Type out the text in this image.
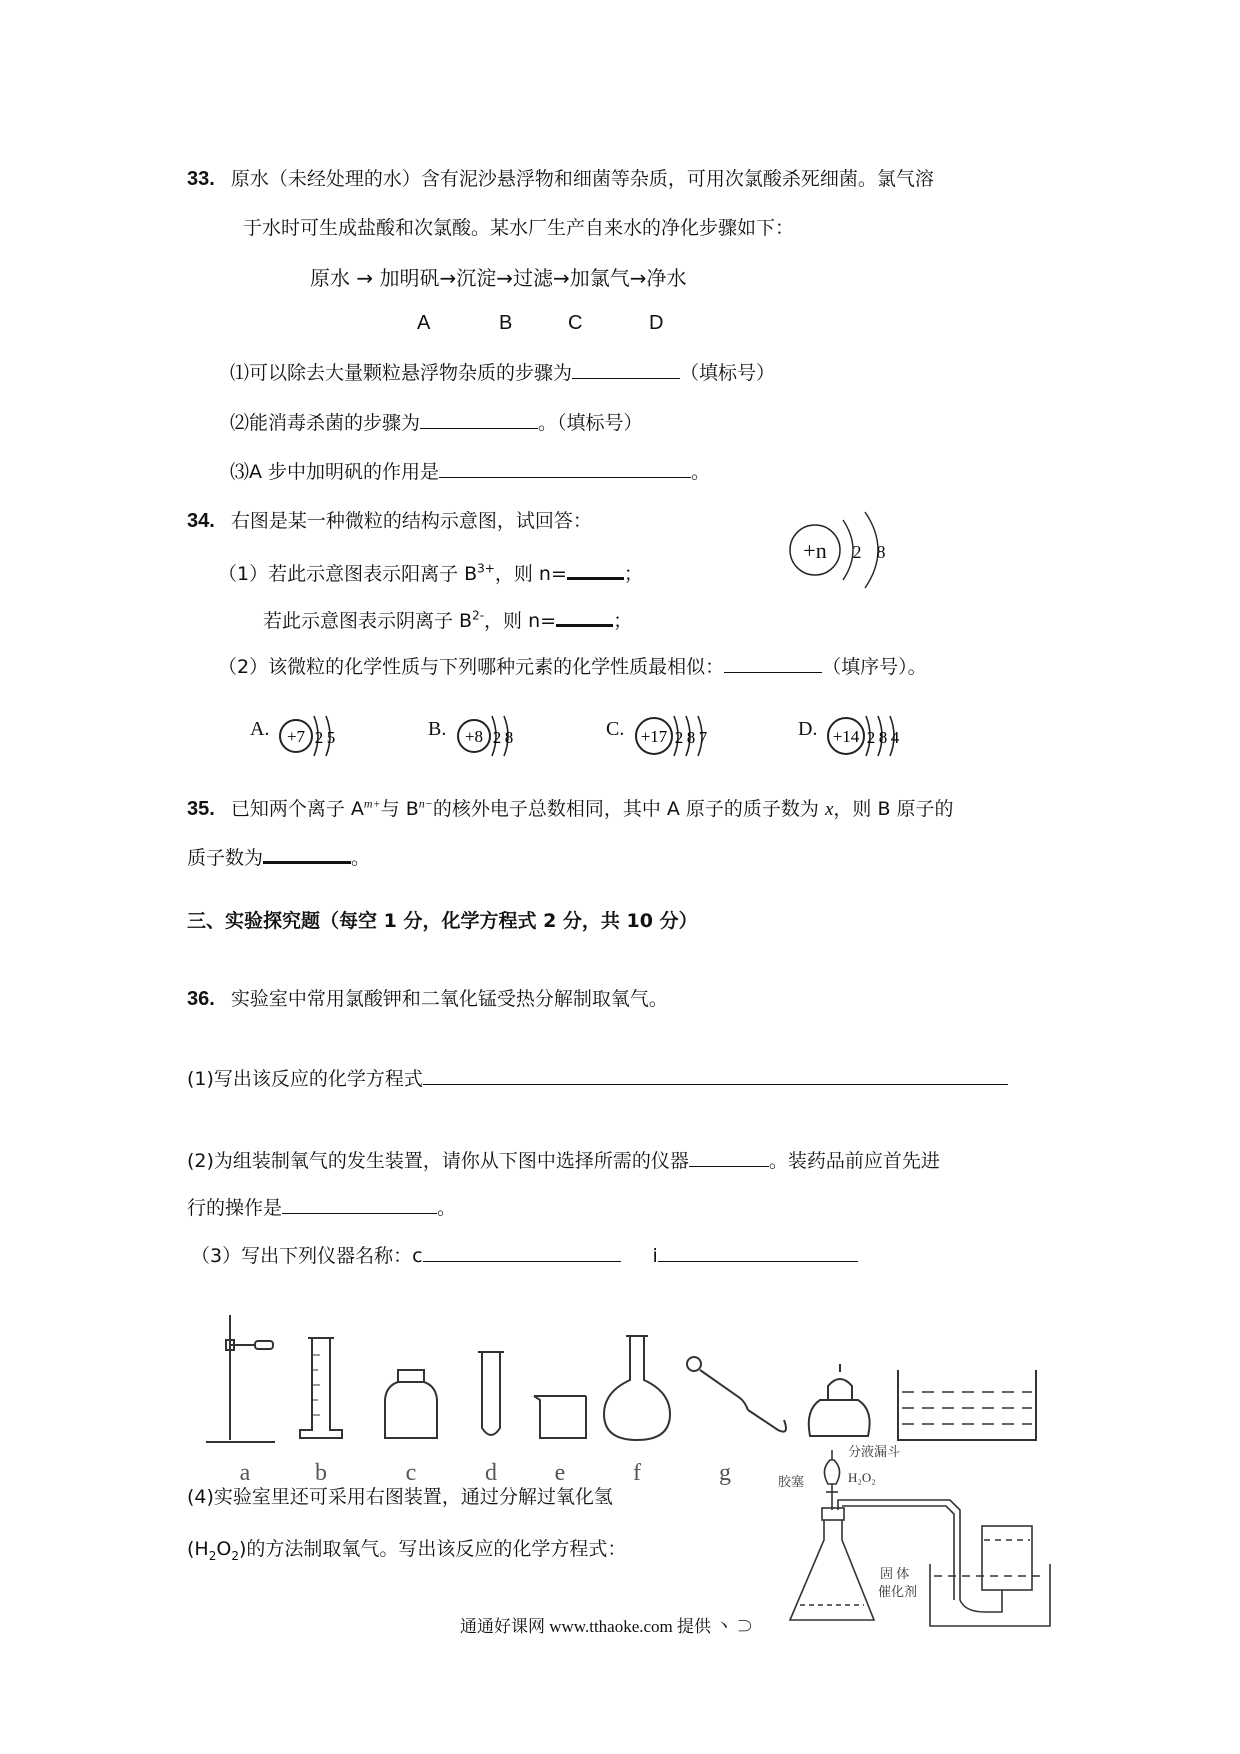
33. 原水（未经处理的水）含有泥沙悬浮物和细菌等杂质，可用次氯酸杀死细菌。氯气溶
于水时可生成盐酸和次氯酸。某水厂生产自来水的净化步骤如下：
原水 → 加明矾→沉淀→过滤→加氯气→净水
A	B	C	D
⑴可以除去大量颗粒悬浮物杂质的步骤为	（填标号）
⑵能消毒杀菌的步骤为	。（填标号）
⑶A 步中加明矾的作用是	。
34. 右图是某一种微粒的结构示意图，试回答：
（1）若此示意图表示阳离子 $B^{3+}$，则 n=	；
若此示意图表示阴离子 $B^{2-}$，则 n=	；
（2）该微粒的化学性质与下列哪种元素的化学性质最相似：	（填序号）。
+n 2 8
A. +7 2 5	B. +8 2 8	C. +17 2 8 7	D. +14 2 8 4
35. 已知两个离子 $A^{m+}$与 $B^{n-}$的核外电子总数相同，其中 A 原子的质子数为 x，则 B 原子的
质子数为	。
三、实验探究题（每空 1 分，化学方程式 2 分，共 10 分）
36. 实验室中常用氯酸钾和二氧化锰受热分解制取氧气。
(1)写出该反应的化学方程式
(2)为组装制氧气的发生装置，请你从下图中选择所需的仪器	。装药品前应首先进
行的操作是	。
（3）写出下列仪器名称：c	i
a	b	c	d e	f	g
(4)实验室里还可采用右图装置，通过分解过氧化氢
$(H_2O_2)$的方法制取氧气。写出该反应的化学方程式：
分液漏斗
胶塞	H₂O₂
固 体
催化剂
通通好课网 www.tthaoke.com 提供 丶 ⊃
